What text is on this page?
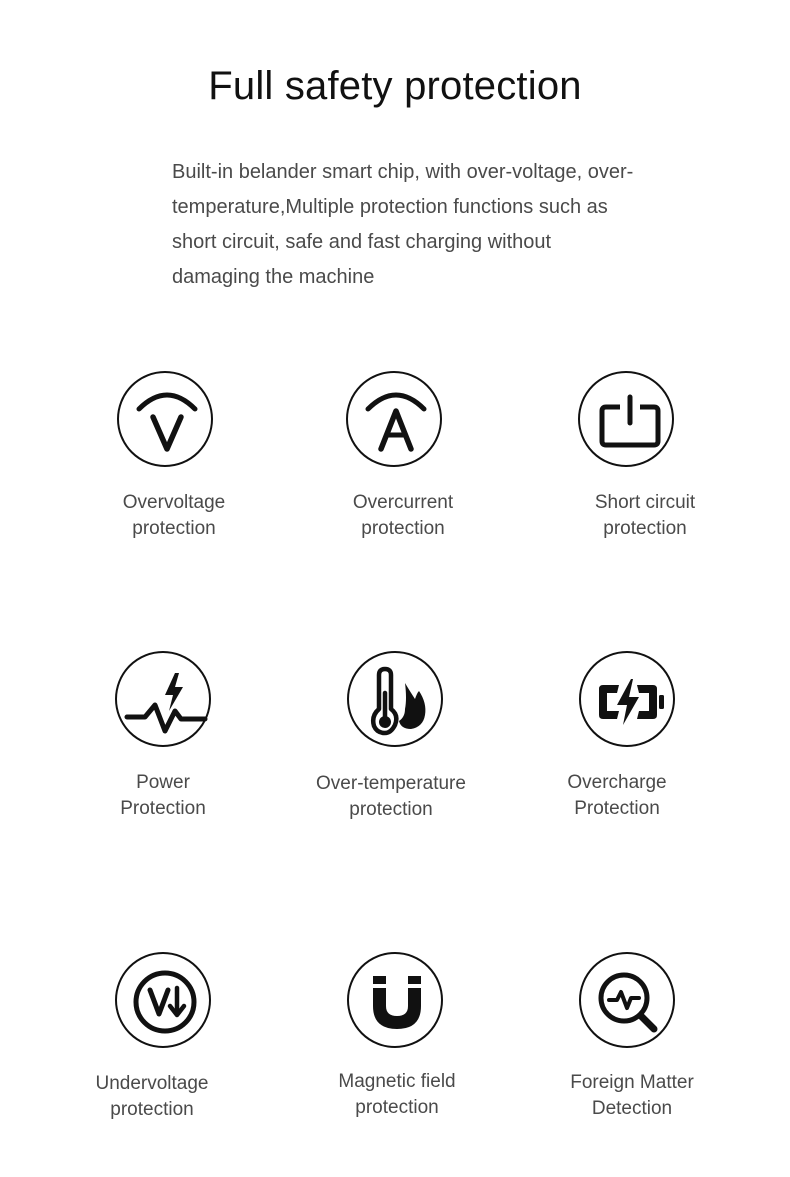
Full safety protection

Built-in belander smart chip, with over-voltage, over-temperature,Multiple protection functions such as short circuit, safe and fast charging without damaging the machine

Overvoltage
protection
Overcurrent
protection
Short circuit
protection
Power
Protection
Over-temperature
protection
Overcharge
Protection
Undervoltage
protection
Magnetic field
protection
Foreign Matter
Detection
